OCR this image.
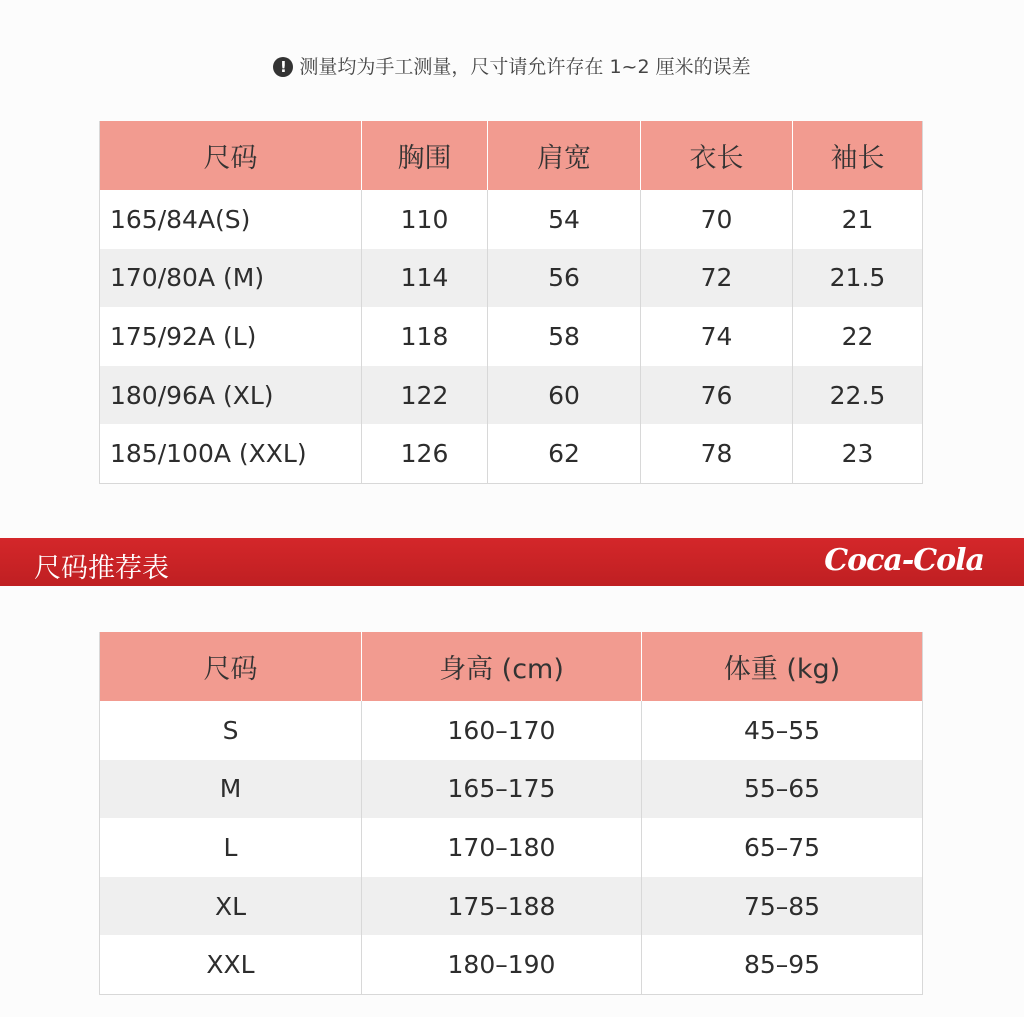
! 测量均为手工测量，尺寸请允许存在 1~2 厘米的误差
尺码	胸围	肩宽	衣长	袖长
165/84A(S)	110	54	70	21
170/80A (M)	114	56	72	21.5
175/92A (L)	118	58	74	22
180/96A (XL)	122	60	76	22.5
185/100A (XXL)	126	62	78	23
尺码推荐表	Coca-Cola
尺码	身高 (cm)	体重 (kg)
S	160–170	45–55
M	165–175	55–65
L	170–180	65–75
XL	175–188	75–85
XXL	180–190	85–95
